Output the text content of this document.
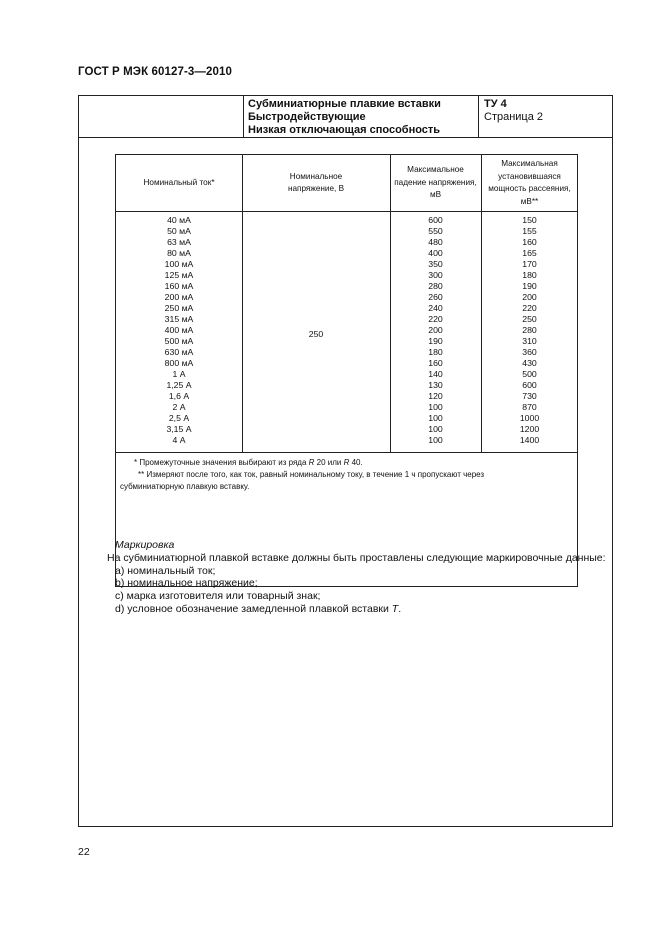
ГОСТ Р МЭК 60127-3—2010
Субминиатюрные плавкие вставки
Быстродействующие
Низкая отключающая способность
ТУ 4
Страница 2
Номинальный ток*
Номинальное напряжение, В
Максимальное падение напряжения, мВ
Максимальная установившаяся мощность рассеяния, мВ**
40 мА
50 мА
63 мА
80 мА
100 мА
125 мА
160 мА
200 мА
250 мА
315 мА
400 мА
500 мА
630 мА
800 мА
1 А
1,25 А
1,6 А
2 А
2,5 А
3,15 А
4 А
250
600
550
480
400
350
300
280
260
240
220
200
190
180
160
140
130
120
100
100
100
100
150
155
160
165
170
180
190
200
220
250
280
310
360
430
500
600
730
870
1000
1200
1400
* Промежуточные значения выбирают из ряда R 20 или R 40.
** Измеряют после того, как ток, равный номинальному току, в течение 1 ч пропускают через
субминиатюрную плавкую вставку.
Маркировка
На субминиатюрной плавкой вставке должны быть проставлены следующие маркировочные данные:
a) номинальный ток;
b) номинальное напряжение;
c) марка изготовителя или товарный знак;
d) условное обозначение замедленной плавкой вставки T.
22
